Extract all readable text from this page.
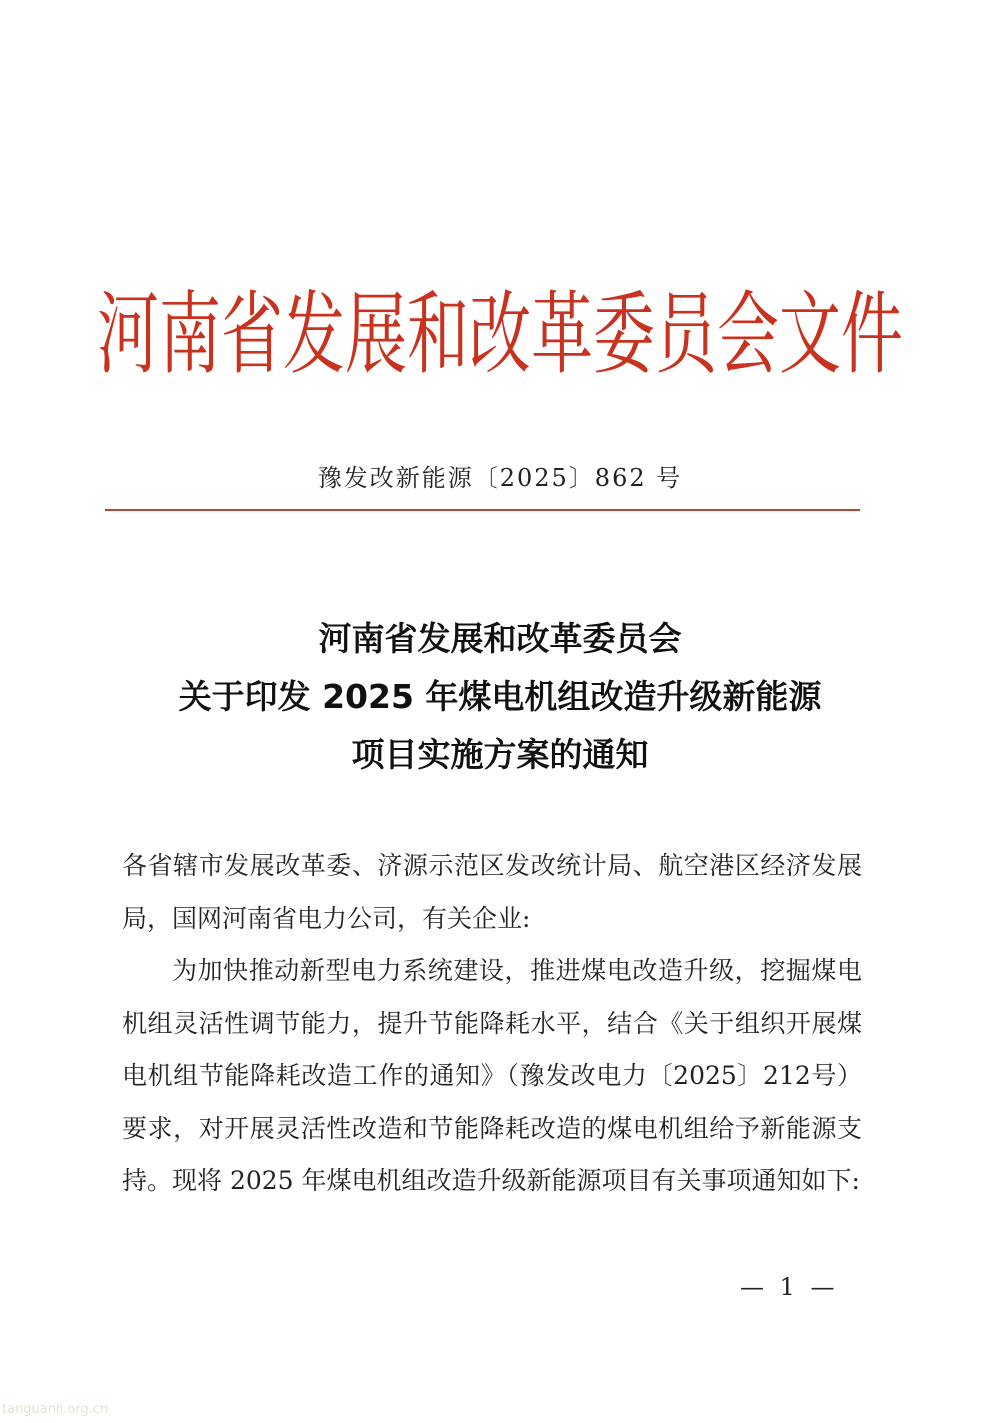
河南省发展和改革委员会文件
豫发改新能源〔2025〕862 号
河南省发展和改革委员会
关于印发 2025 年煤电机组改造升级新能源
项目实施方案的通知

各省辖市发展改革委、济源示范区发改统计局、航空港区经济发展局，国网河南省电力公司，有关企业:

为加快推动新型电力系统建设，推进煤电改造升级，挖掘煤电机组灵活性调节能力，提升节能降耗水平，结合《关于组织开展煤电机组节能降耗改造工作的通知》（豫发改电力〔2025〕212号）要求，对开展灵活性改造和节能降耗改造的煤电机组给予新能源支持。现将 2025 年煤电机组改造升级新能源项目有关事项通知如下:

— 1 —
tanguanli.org.cn
